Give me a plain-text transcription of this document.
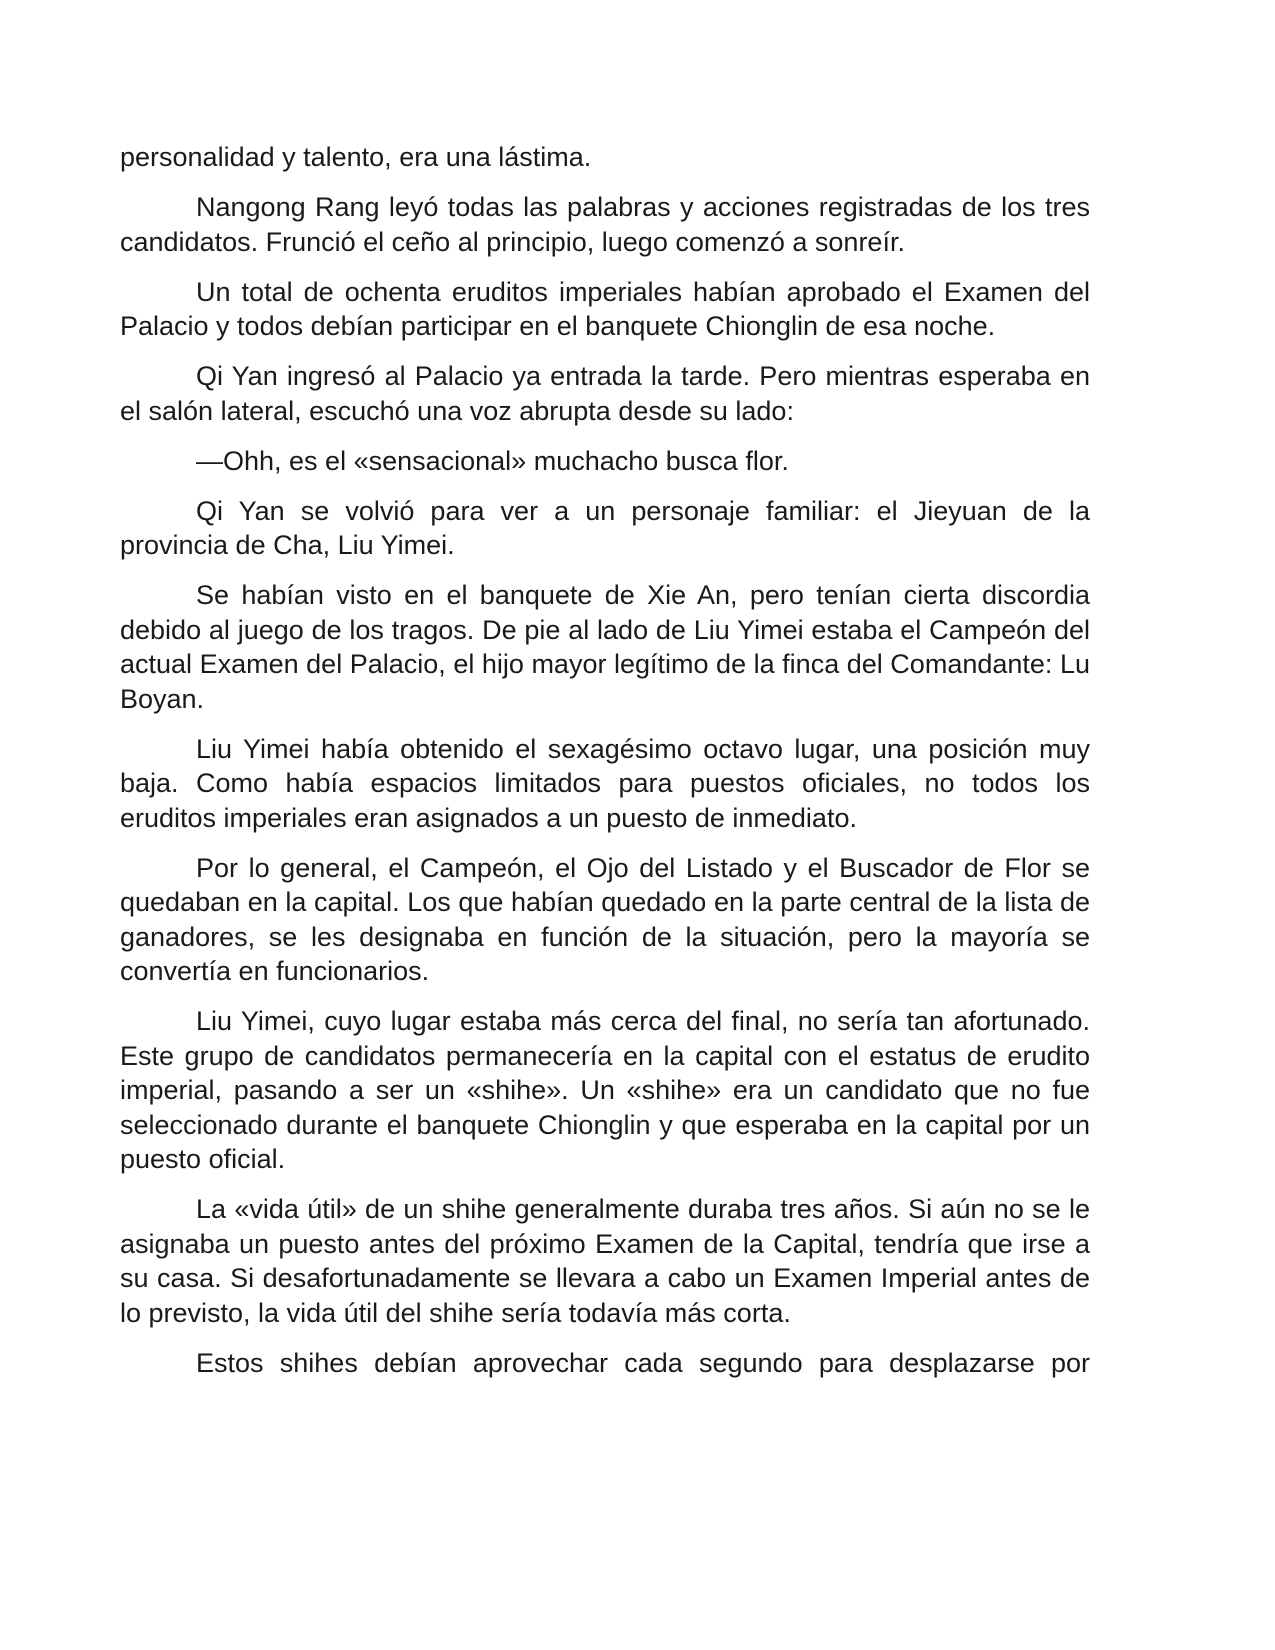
personalidad y talento, era una lástima.

Nangong Rang leyó todas las palabras y acciones registradas de los tres candidatos. Frunció el ceño al principio, luego comenzó a sonreír.

Un total de ochenta eruditos imperiales habían aprobado el Examen del Palacio y todos debían participar en el banquete Chionglin de esa noche.

Qi Yan ingresó al Palacio ya entrada la tarde. Pero mientras esperaba en el salón lateral, escuchó una voz abrupta desde su lado:

—Ohh, es el «sensacional» muchacho busca flor.

Qi Yan se volvió para ver a un personaje familiar: el Jieyuan de la provincia de Cha, Liu Yimei.

Se habían visto en el banquete de Xie An, pero tenían cierta discordia debido al juego de los tragos. De pie al lado de Liu Yimei estaba el Campeón del actual Examen del Palacio, el hijo mayor legítimo de la finca del Comandante: Lu Boyan.

Liu Yimei había obtenido el sexagésimo octavo lugar, una posición muy baja. Como había espacios limitados para puestos oficiales, no todos los eruditos imperiales eran asignados a un puesto de inmediato.

Por lo general, el Campeón, el Ojo del Listado y el Buscador de Flor se quedaban en la capital. Los que habían quedado en la parte central de la lista de ganadores, se les designaba en función de la situación, pero la mayoría se convertía en funcionarios.

Liu Yimei, cuyo lugar estaba más cerca del final, no sería tan afortunado. Este grupo de candidatos permanecería en la capital con el estatus de erudito imperial, pasando a ser un «shihe». Un «shihe» era un candidato que no fue seleccionado durante el banquete Chionglin y que esperaba en la capital por un puesto oficial.

La «vida útil» de un shihe generalmente duraba tres años. Si aún no se le asignaba un puesto antes del próximo Examen de la Capital, tendría que irse a su casa. Si desafortunadamente se llevara a cabo un Examen Imperial antes de lo previsto, la vida útil del shihe sería todavía más corta.

Estos shihes debían aprovechar cada segundo para desplazarse por
